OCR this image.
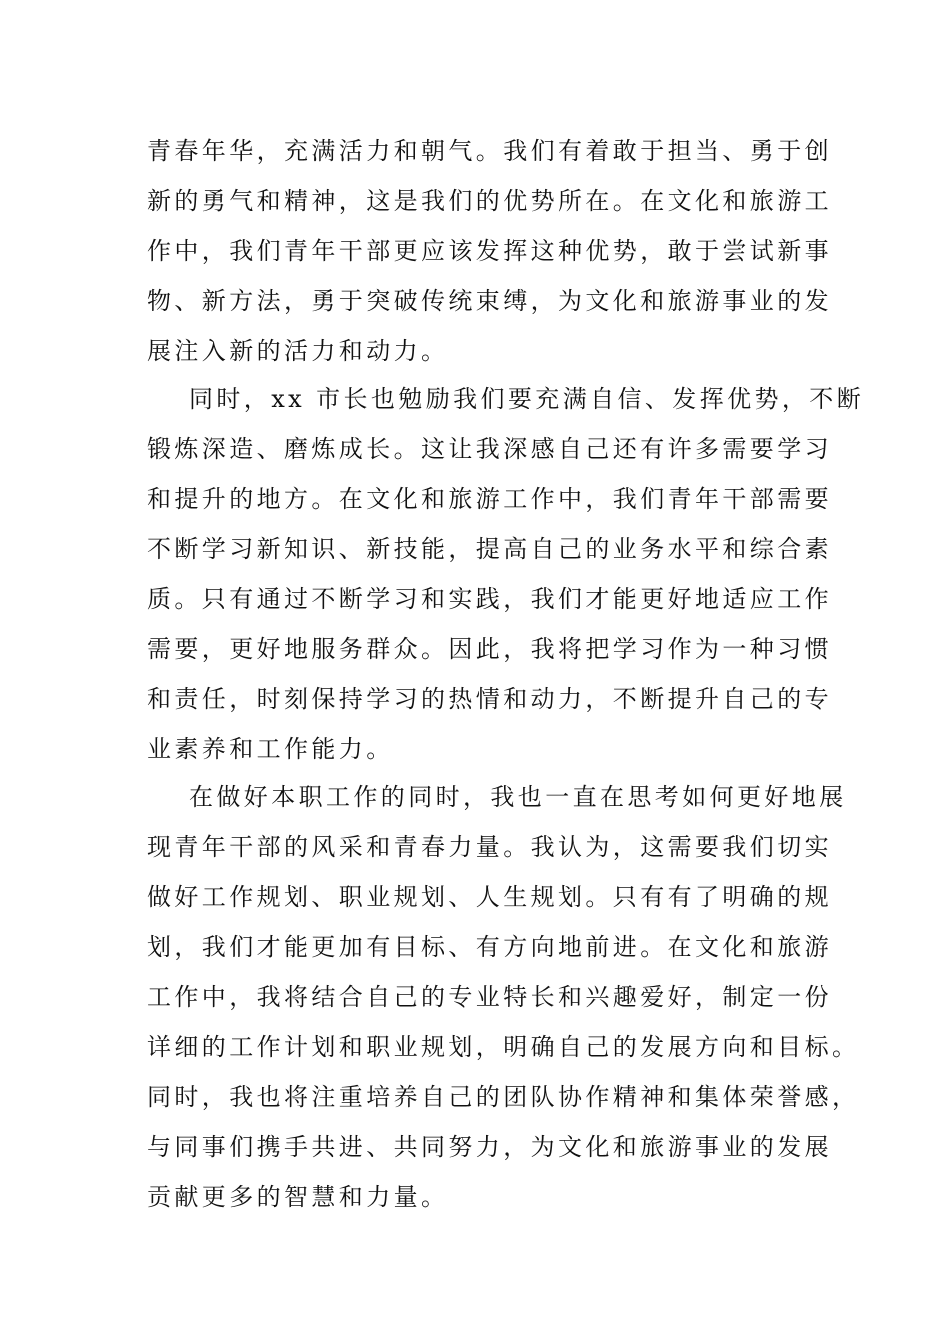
青春年华，充满活力和朝气。我们有着敢于担当、勇于创
新的勇气和精神，这是我们的优势所在。在文化和旅游工
作中，我们青年干部更应该发挥这种优势，敢于尝试新事
物、新方法，勇于突破传统束缚，为文化和旅游事业的发
展注入新的活力和动力。
同时，xx 市长也勉励我们要充满自信、发挥优势，不断
锻炼深造、磨炼成长。这让我深感自己还有许多需要学习
和提升的地方。在文化和旅游工作中，我们青年干部需要
不断学习新知识、新技能，提高自己的业务水平和综合素
质。只有通过不断学习和实践，我们才能更好地适应工作
需要，更好地服务群众。因此，我将把学习作为一种习惯
和责任，时刻保持学习的热情和动力，不断提升自己的专
业素养和工作能力。
在做好本职工作的同时，我也一直在思考如何更好地展
现青年干部的风采和青春力量。我认为，这需要我们切实
做好工作规划、职业规划、人生规划。只有有了明确的规
划，我们才能更加有目标、有方向地前进。在文化和旅游
工作中，我将结合自己的专业特长和兴趣爱好，制定一份
详细的工作计划和职业规划，明确自己的发展方向和目标。
同时，我也将注重培养自己的团队协作精神和集体荣誉感，
与同事们携手共进、共同努力，为文化和旅游事业的发展
贡献更多的智慧和力量。
